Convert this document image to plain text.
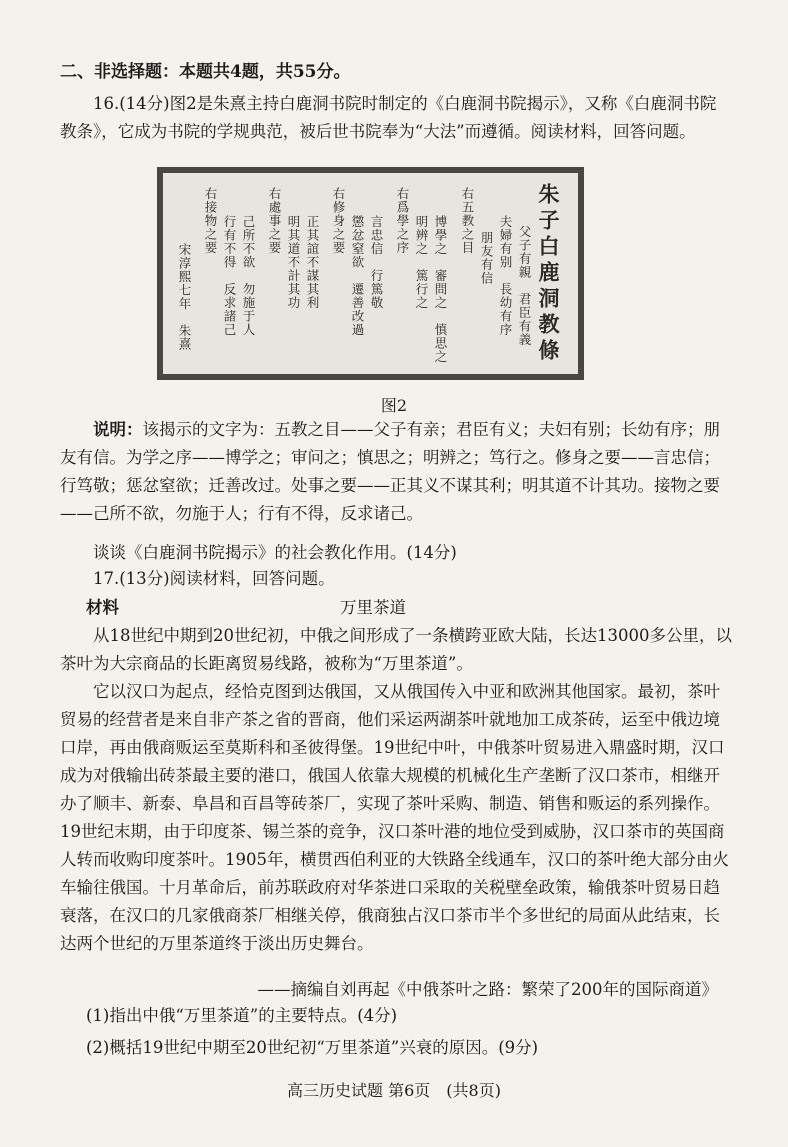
二、非选择题：本题共4题，共55分。

16.(14分)图2是朱熹主持白鹿洞书院时制定的《白鹿洞书院揭示》，又称《白鹿洞书院教条》，它成为书院的学规典范，被后世书院奉为“大法”而遵循。阅读材料，回答问题。

朱子白鹿洞教條
父子有親　君臣有義
夫婦有别　長幼有序
朋友有信
右五教之目
博學之　審問之　慎思之
明辨之　篤行之
右爲學之序
言忠信　行篤敬
懲忿窒欲　遷善改過
右修身之要
正其誼不謀其利
明其道不計其功
右處事之要
己所不欲　勿施于人
行有不得　反求諸己
右接物之要
宋淳熙七年　朱熹
图2

说明：该揭示的文字为：五教之目——父子有亲；君臣有义；夫妇有别；长幼有序；朋友有信。为学之序——博学之；审问之；慎思之；明辨之；笃行之。修身之要——言忠信；行笃敬；惩忿窒欲；迁善改过。处事之要——正其义不谋其利；明其道不计其功。接物之要——己所不欲，勿施于人；行有不得，反求诸己。

谈谈《白鹿洞书院揭示》的社会教化作用。(14分)

17.(13分)阅读材料，回答问题。

材料	万里茶道

从18世纪中期到20世纪初，中俄之间形成了一条横跨亚欧大陆，长达13000多公里，以茶叶为大宗商品的长距离贸易线路，被称为“万里茶道”。

它以汉口为起点，经恰克图到达俄国，又从俄国传入中亚和欧洲其他国家。最初，茶叶贸易的经营者是来自非产茶之省的晋商，他们采运两湖茶叶就地加工成茶砖，运至中俄边境口岸，再由俄商贩运至莫斯科和圣彼得堡。19世纪中叶，中俄茶叶贸易进入鼎盛时期，汉口成为对俄输出砖茶最主要的港口，俄国人依靠大规模的机械化生产垄断了汉口茶市，相继开办了顺丰、新泰、阜昌和百昌等砖茶厂，实现了茶叶采购、制造、销售和贩运的系列操作。19世纪末期，由于印度茶、锡兰茶的竞争，汉口茶叶港的地位受到威胁，汉口茶市的英国商人转而收购印度茶叶。1905年，横贯西伯利亚的大铁路全线通车，汉口的茶叶绝大部分由火车输往俄国。十月革命后，前苏联政府对华茶进口采取的关税壁垒政策，输俄茶叶贸易日趋衰落，在汉口的几家俄商茶厂相继关停，俄商独占汉口茶市半个多世纪的局面从此结束，长达两个世纪的万里茶道终于淡出历史舞台。

——摘编自刘再起《中俄茶叶之路：繁荣了200年的国际商道》

(1)指出中俄“万里茶道”的主要特点。(4分)

(2)概括19世纪中期至20世纪初“万里茶道”兴衰的原因。(9分)

高三历史试题 第6页　(共8页)
